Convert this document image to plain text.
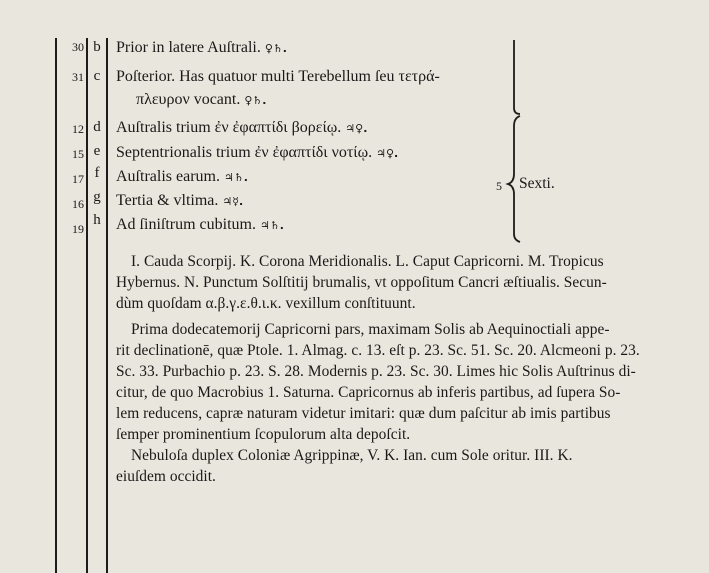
30 b Prior in latere Auſtrali. ♀♄.
31 c Poſterior. Has quatuor multi Terebellum ſeu τετρά-
πλευρον vocant. ♀♄.
12 d Auſtralis trium ἐν ἐφαπτίδι βορείῳ. ♃♀.
15 e Septentrionalis trium ἐν ἐφαπτίδι νοτίῳ. ♃♀.
17 f	Auſtralis earum. ♃♄.
16 g Tertia & vltima. ♃☿.
19
h Ad ſiniſtrum cubitum. ♃♄.
5 Sexti.
I. Cauda Scorpij. K. Corona Meridionalis. L. Caput Capricorni. M. Tropicus
Hybernus. N. Punctum Solſtitij brumalis, vt oppoſitum Cancri æſtiualis. Secun-
dùm quoſdam α.β.γ.ε.θ.ι.κ. vexillum conſtituunt.
Prima dodecatemorij Capricorni pars, maximam Solis ab Aequinoctiali appe-
rit declinationē, quæ Ptole. 1. Almag. c. 13. eſt p. 23. Sc. 51. Sc. 20. Alcmeoni p. 23.
Sc. 33. Purbachio p. 23. S. 28. Modernis p. 23. Sc. 30. Limes hic Solis Auſtrinus di-
citur, de quo Macrobius 1. Saturna. Capricornus ab inferis partibus, ad ſupera So-
lem reducens, capræ naturam videtur imitari: quæ dum paſcitur ab imis partibus
ſemper prominentium ſcopulorum alta depoſcit.
Nebuloſa duplex Coloniæ Agrippinæ, V. K. Ian. cum Sole oritur. III. K.
eiuſdem occidit.
